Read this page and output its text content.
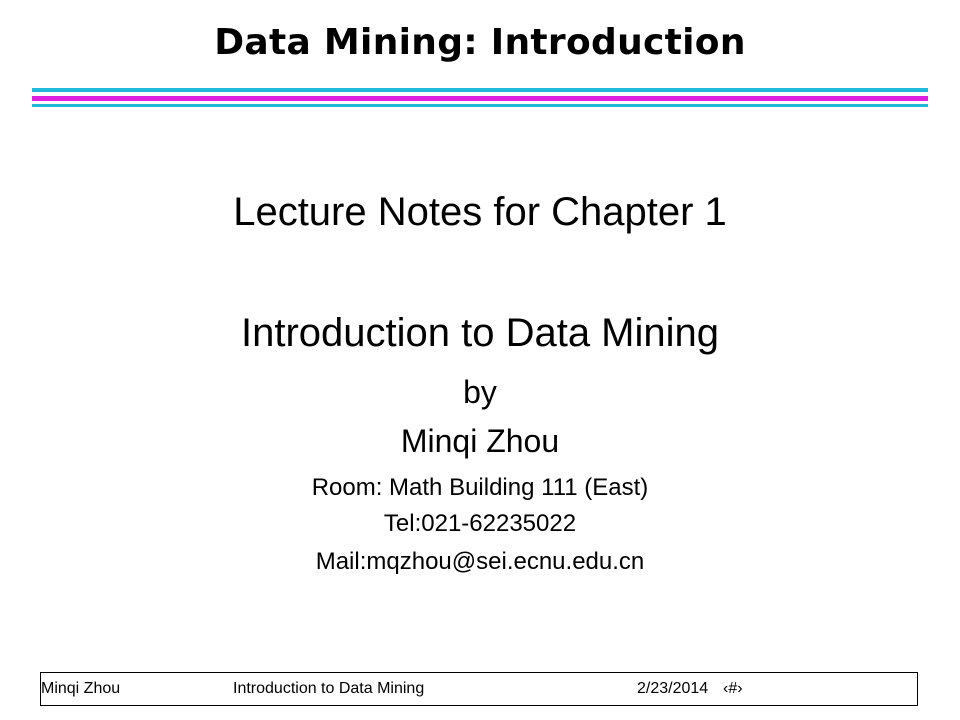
Data Mining: Introduction
Lecture Notes for Chapter 1
Introduction to Data Mining
by
Minqi Zhou
Room: Math Building 111 (East)
Tel:021-62235022
Mail:mqzhou@sei.ecnu.edu.cn
Minqi Zhou	Introduction to Data Mining	2/23/2014 ‹#›
